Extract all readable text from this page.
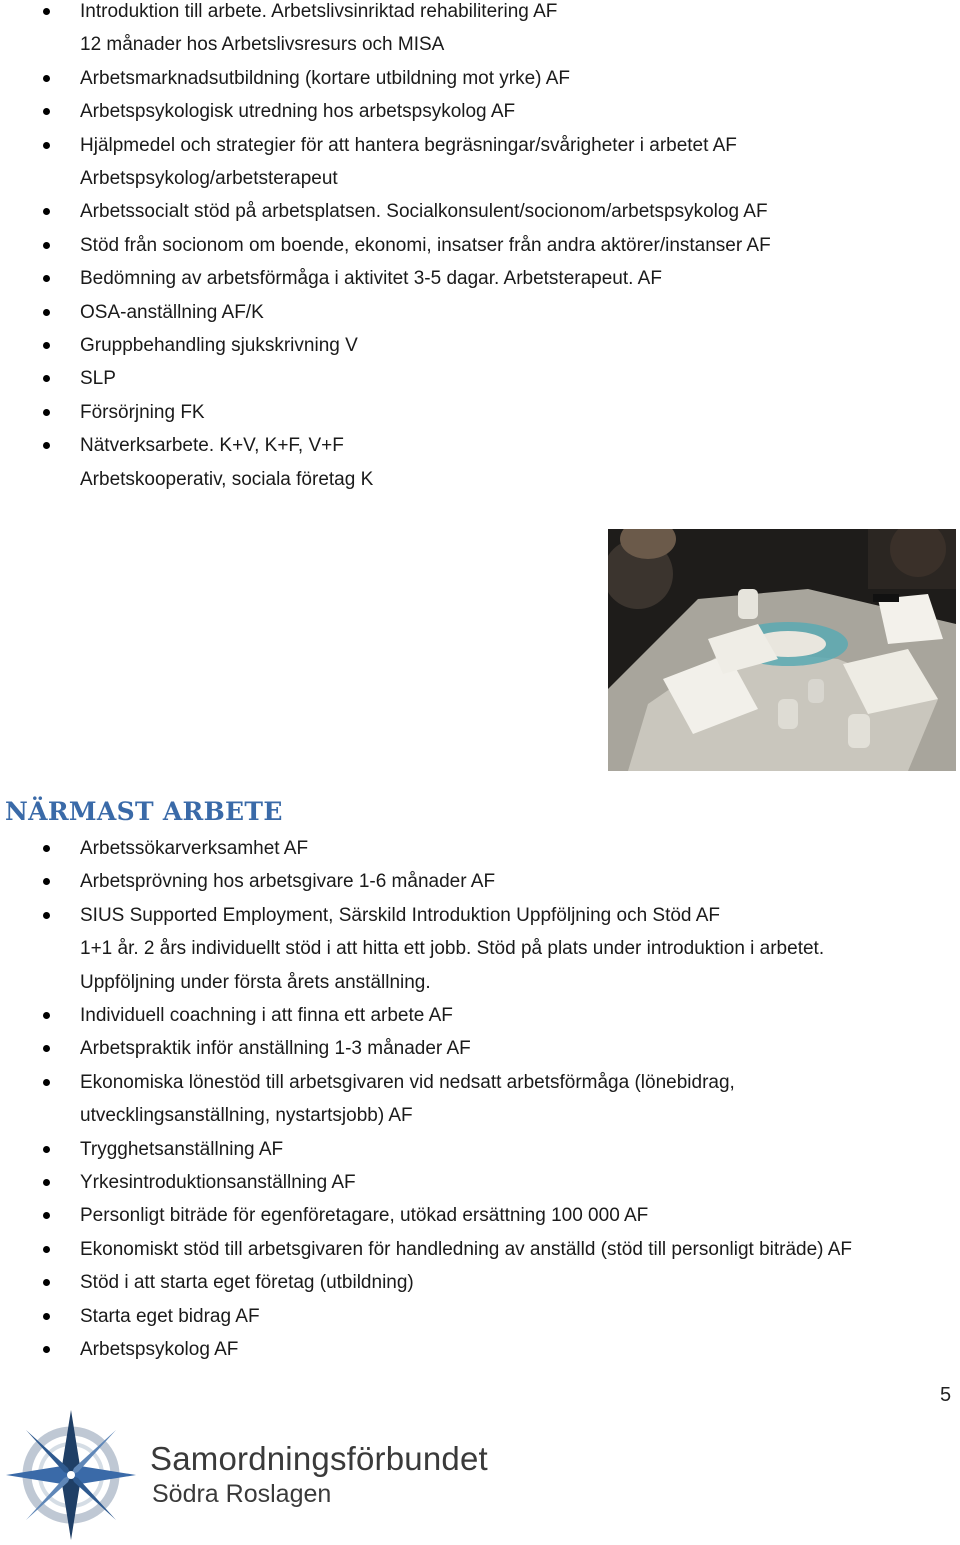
Introduktion till arbete. Arbetslivsinriktad rehabilitering AF
12 månader hos Arbetslivsresurs och MISA
Arbetsmarknadsutbildning (kortare utbildning mot yrke) AF
Arbetspsykologisk utredning hos arbetspsykolog AF
Hjälpmedel och strategier för att hantera begräsningar/svårigheter i arbetet AF
Arbetspsykolog/arbetsterapeut
Arbetssocialt stöd på arbetsplatsen. Socialkonsulent/socionom/arbetspsykolog AF
Stöd från socionom om boende, ekonomi, insatser från andra aktörer/instanser AF
Bedömning av arbetsförmåga i aktivitet 3-5 dagar. Arbetsterapeut. AF
OSA-anställning AF/K
Gruppbehandling sjukskrivning V
SLP
Försörjning FK
Nätverksarbete. K+V, K+F, V+F
Arbetskooperativ, sociala företag K
NÄRMAST ARBETE
Arbetssökarverksamhet AF
Arbetsprövning hos arbetsgivare 1-6 månader AF
SIUS Supported Employment, Särskild Introduktion Uppföljning och Stöd AF
1+1 år. 2 års individuellt stöd i att hitta ett jobb. Stöd på plats under introduktion i arbetet.
Uppföljning under första årets anställning.
Individuell coachning i att finna ett arbete AF
Arbetspraktik inför anställning 1-3 månader AF
Ekonomiska lönestöd till arbetsgivaren vid nedsatt arbetsförmåga (lönebidrag,
utvecklingsanställning, nystartsjobb) AF
Trygghetsanställning AF
Yrkesintroduktionsanställning AF
Personligt biträde för egenföretagare, utökad ersättning 100 000 AF
Ekonomiskt stöd till arbetsgivaren för handledning av anställd (stöd till personligt biträde) AF
Stöd i att starta eget företag (utbildning)
Starta eget bidrag AF
Arbetspsykolog AF
5
Samordningsförbundet
Södra Roslagen
